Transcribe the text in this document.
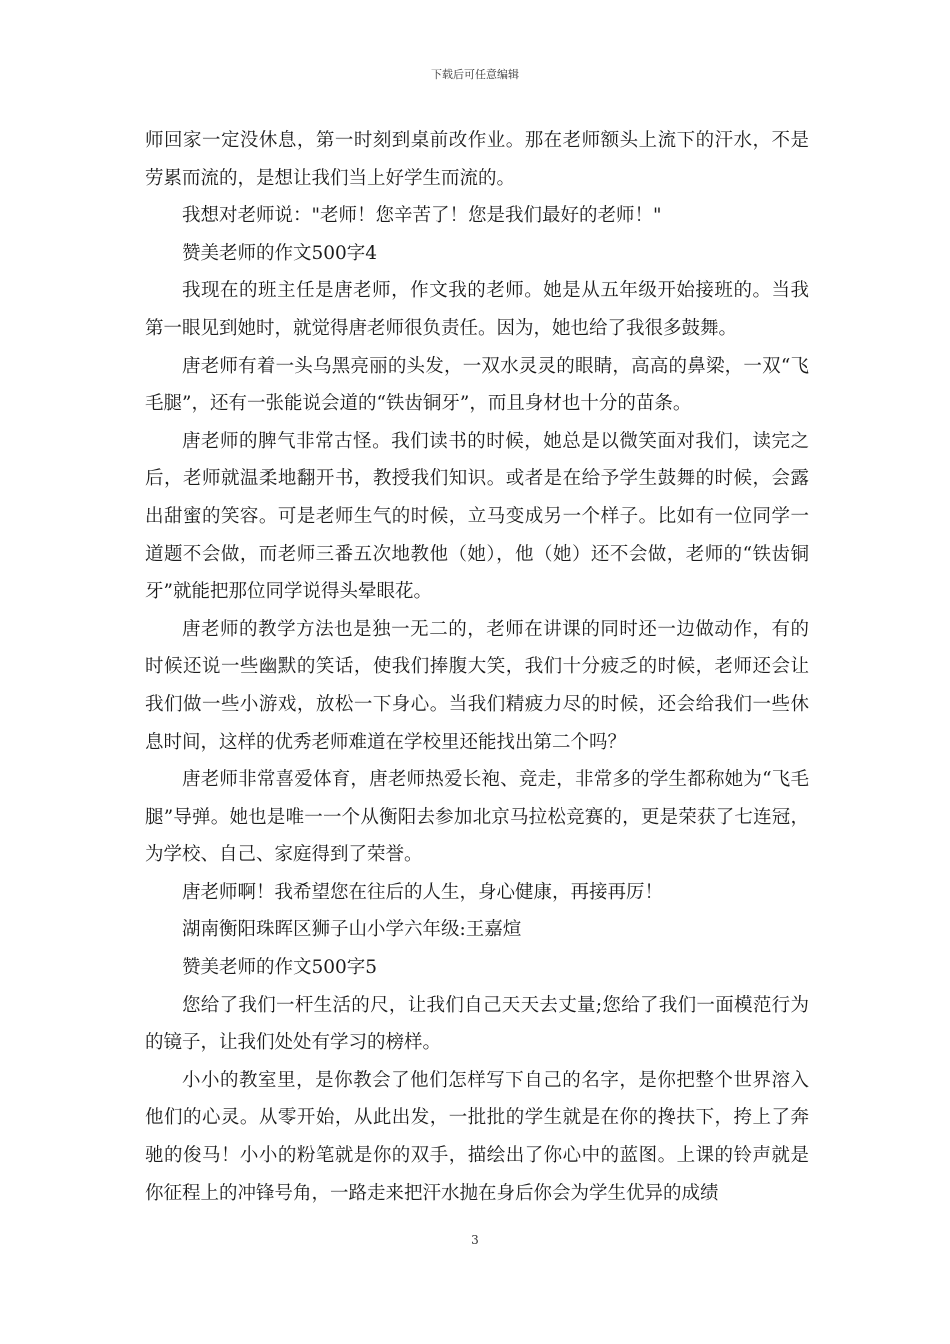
下载后可任意编辑

师回家一定没休息，第一时刻到桌前改作业。那在老师额头上流下的汗水，不是劳累而流的，是想让我们当上好学生而流的。

我想对老师说："老师！您辛苦了！您是我们最好的老师！"

赞美老师的作文500字4

我现在的班主任是唐老师，作文我的老师。她是从五年级开始接班的。当我第一眼见到她时，就觉得唐老师很负责任。因为，她也给了我很多鼓舞。

唐老师有着一头乌黑亮丽的头发，一双水灵灵的眼睛，高高的鼻梁，一双“飞毛腿”，还有一张能说会道的“铁齿铜牙”，而且身材也十分的苗条。

唐老师的脾气非常古怪。我们读书的时候，她总是以微笑面对我们，读完之后，老师就温柔地翻开书，教授我们知识。或者是在给予学生鼓舞的时候，会露出甜蜜的笑容。可是老师生气的时候，立马变成另一个样子。比如有一位同学一道题不会做，而老师三番五次地教他（她），他（她）还不会做，老师的“铁齿铜牙”就能把那位同学说得头晕眼花。

唐老师的教学方法也是独一无二的，老师在讲课的同时还一边做动作，有的时候还说一些幽默的笑话，使我们捧腹大笑，我们十分疲乏的时候，老师还会让我们做一些小游戏，放松一下身心。当我们精疲力尽的时候，还会给我们一些休息时间，这样的优秀老师难道在学校里还能找出第二个吗？

唐老师非常喜爱体育，唐老师热爱长袍、竞走，非常多的学生都称她为“飞毛腿”导弹。她也是唯一一个从衡阳去参加北京马拉松竞赛的，更是荣获了七连冠，为学校、自己、家庭得到了荣誉。

唐老师啊！我希望您在往后的人生，身心健康，再接再厉！

湖南衡阳珠晖区狮子山小学六年级:王嘉煊

赞美老师的作文500字5

您给了我们一杆生活的尺，让我们自己天天去丈量;您给了我们一面模范行为的镜子，让我们处处有学习的榜样。

小小的教室里，是你教会了他们怎样写下自己的名字，是你把整个世界溶入他们的心灵。从零开始，从此出发，一批批的学生就是在你的搀扶下，挎上了奔驰的俊马！小小的粉笔就是你的双手，描绘出了你心中的蓝图。上课的铃声就是你征程上的冲锋号角，一路走来把汗水抛在身后你会为学生优异的成绩

3
